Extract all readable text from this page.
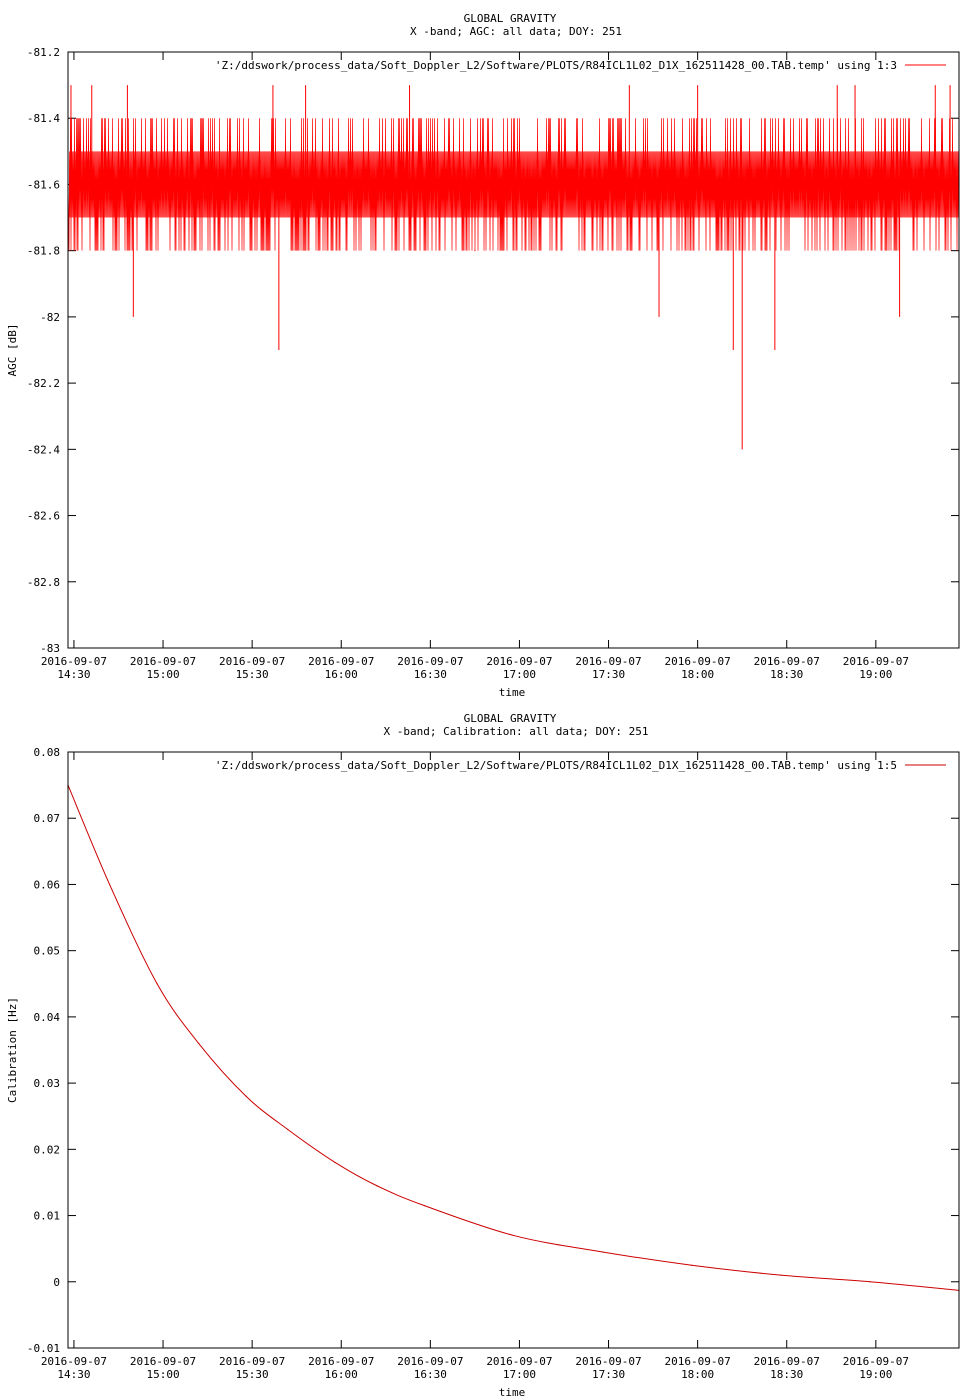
GLOBAL GRAVITY
X -band; AGC: all data; DOY: 251
AGC [dB]
time
-81.2
-81.4
-81.6
-81.8
-82
-82.2
-82.4
-82.6
-82.8
-83
2016-09-07
14:30
2016-09-07
15:00
2016-09-07
15:30
2016-09-07
16:00
2016-09-07
16:30
2016-09-07
17:00
2016-09-07
17:30
2016-09-07
18:00
2016-09-07
18:30
2016-09-07
19:00
'Z:/ddswork/process_data/Soft_Doppler_L2/Software/PLOTS/R84ICL1L02_D1X_162511428_00.TAB.temp' using 1:3
GLOBAL GRAVITY
X -band; Calibration: all data; DOY: 251
Calibration [Hz]
time
0.08
0.07
0.06
0.05
0.04
0.03
0.02
0.01
0
-0.01
2016-09-07
14:30
2016-09-07
15:00
2016-09-07
15:30
2016-09-07
16:00
2016-09-07
16:30
2016-09-07
17:00
2016-09-07
17:30
2016-09-07
18:00
2016-09-07
18:30
2016-09-07
19:00
'Z:/ddswork/process_data/Soft_Doppler_L2/Software/PLOTS/R84ICL1L02_D1X_162511428_00.TAB.temp' using 1:5
